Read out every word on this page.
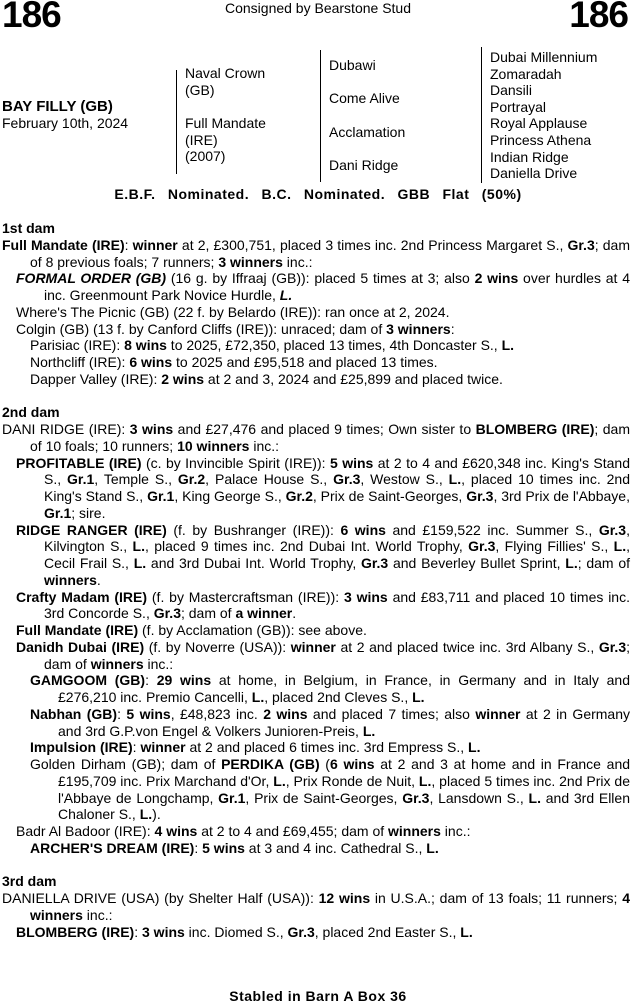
186	Consigned by Bearstone Stud	186
BAY FILLY (GB)
February 10th, 2024
Naval Crown
(GB)
Full Mandate
(IRE)
(2007)
Dubawi
Come Alive
Acclamation
Dani Ridge
Dubai Millennium
Zomaradah
Dansili
Portrayal
Royal Applause
Princess Athena
Indian Ridge
Daniella Drive
E.B.F. Nominated. B.C. Nominated. GBB Flat (50%)
1st dam

Full Mandate (IRE): winner at 2, £300,751, placed 3 times inc. 2nd Princess Margaret S., Gr.3; dam of 8 previous foals; 7 runners; 3 winners inc.:

FORMAL ORDER (GB) (16 g. by Iffraaj (GB)): placed 5 times at 3; also 2 wins over hurdles at 4 inc. Greenmount Park Novice Hurdle, L.

Where's The Picnic (GB) (22 f. by Belardo (IRE)): ran once at 2, 2024.

Colgin (GB) (13 f. by Canford Cliffs (IRE)): unraced; dam of 3 winners:

Parisiac (IRE): 8 wins to 2025, £72,350, placed 13 times, 4th Doncaster S., L.

Northcliff (IRE): 6 wins to 2025 and £95,518 and placed 13 times.

Dapper Valley (IRE): 2 wins at 2 and 3, 2024 and £25,899 and placed twice.

2nd dam

DANI RIDGE (IRE): 3 wins and £27,476 and placed 9 times; Own sister to BLOMBERG (IRE); dam of 10 foals; 10 runners; 10 winners inc.:

PROFITABLE (IRE) (c. by Invincible Spirit (IRE)): 5 wins at 2 to 4 and £620,348 inc. King's Stand S., Gr.1, Temple S., Gr.2, Palace House S., Gr.3, Westow S., L., placed 10 times inc. 2nd King's Stand S., Gr.1, King George S., Gr.2, Prix de Saint-Georges, Gr.3, 3rd Prix de l'Abbaye, Gr.1; sire.

RIDGE RANGER (IRE) (f. by Bushranger (IRE)): 6 wins and £159,522 inc. Summer S., Gr.3, Kilvington S., L., placed 9 times inc. 2nd Dubai Int. World Trophy, Gr.3, Flying Fillies' S., L., Cecil Frail S., L. and 3rd Dubai Int. World Trophy, Gr.3 and Beverley Bullet Sprint, L.; dam of winners.

Crafty Madam (IRE) (f. by Mastercraftsman (IRE)): 3 wins and £83,711 and placed 10 times inc. 3rd Concorde S., Gr.3; dam of a winner.

Full Mandate (IRE) (f. by Acclamation (GB)): see above.

Danidh Dubai (IRE) (f. by Noverre (USA)): winner at 2 and placed twice inc. 3rd Albany S., Gr.3; dam of winners inc.:

GAMGOOM (GB): 29 wins at home, in Belgium, in France, in Germany and in Italy and £276,210 inc. Premio Cancelli, L., placed 2nd Cleves S., L.

Nabhan (GB): 5 wins, £48,823 inc. 2 wins and placed 7 times; also winner at 2 in Germany and 3rd G.P.von Engel & Volkers Junioren-Preis, L.

Impulsion (IRE): winner at 2 and placed 6 times inc. 3rd Empress S., L.

Golden Dirham (GB); dam of PERDIKA (GB) (6 wins at 2 and 3 at home and in France and £195,709 inc. Prix Marchand d'Or, L., Prix Ronde de Nuit, L., placed 5 times inc. 2nd Prix de l'Abbaye de Longchamp, Gr.1, Prix de Saint-Georges, Gr.3, Lansdown S., L. and 3rd Ellen Chaloner S., L.).

Badr Al Badoor (IRE): 4 wins at 2 to 4 and £69,455; dam of winners inc.:

ARCHER'S DREAM (IRE): 5 wins at 3 and 4 inc. Cathedral S., L.

3rd dam

DANIELLA DRIVE (USA) (by Shelter Half (USA)): 12 wins in U.S.A.; dam of 13 foals; 11 runners; 4 winners inc.:

BLOMBERG (IRE): 3 wins inc. Diomed S., Gr.3, placed 2nd Easter S., L.

Stabled in Barn A Box 36
